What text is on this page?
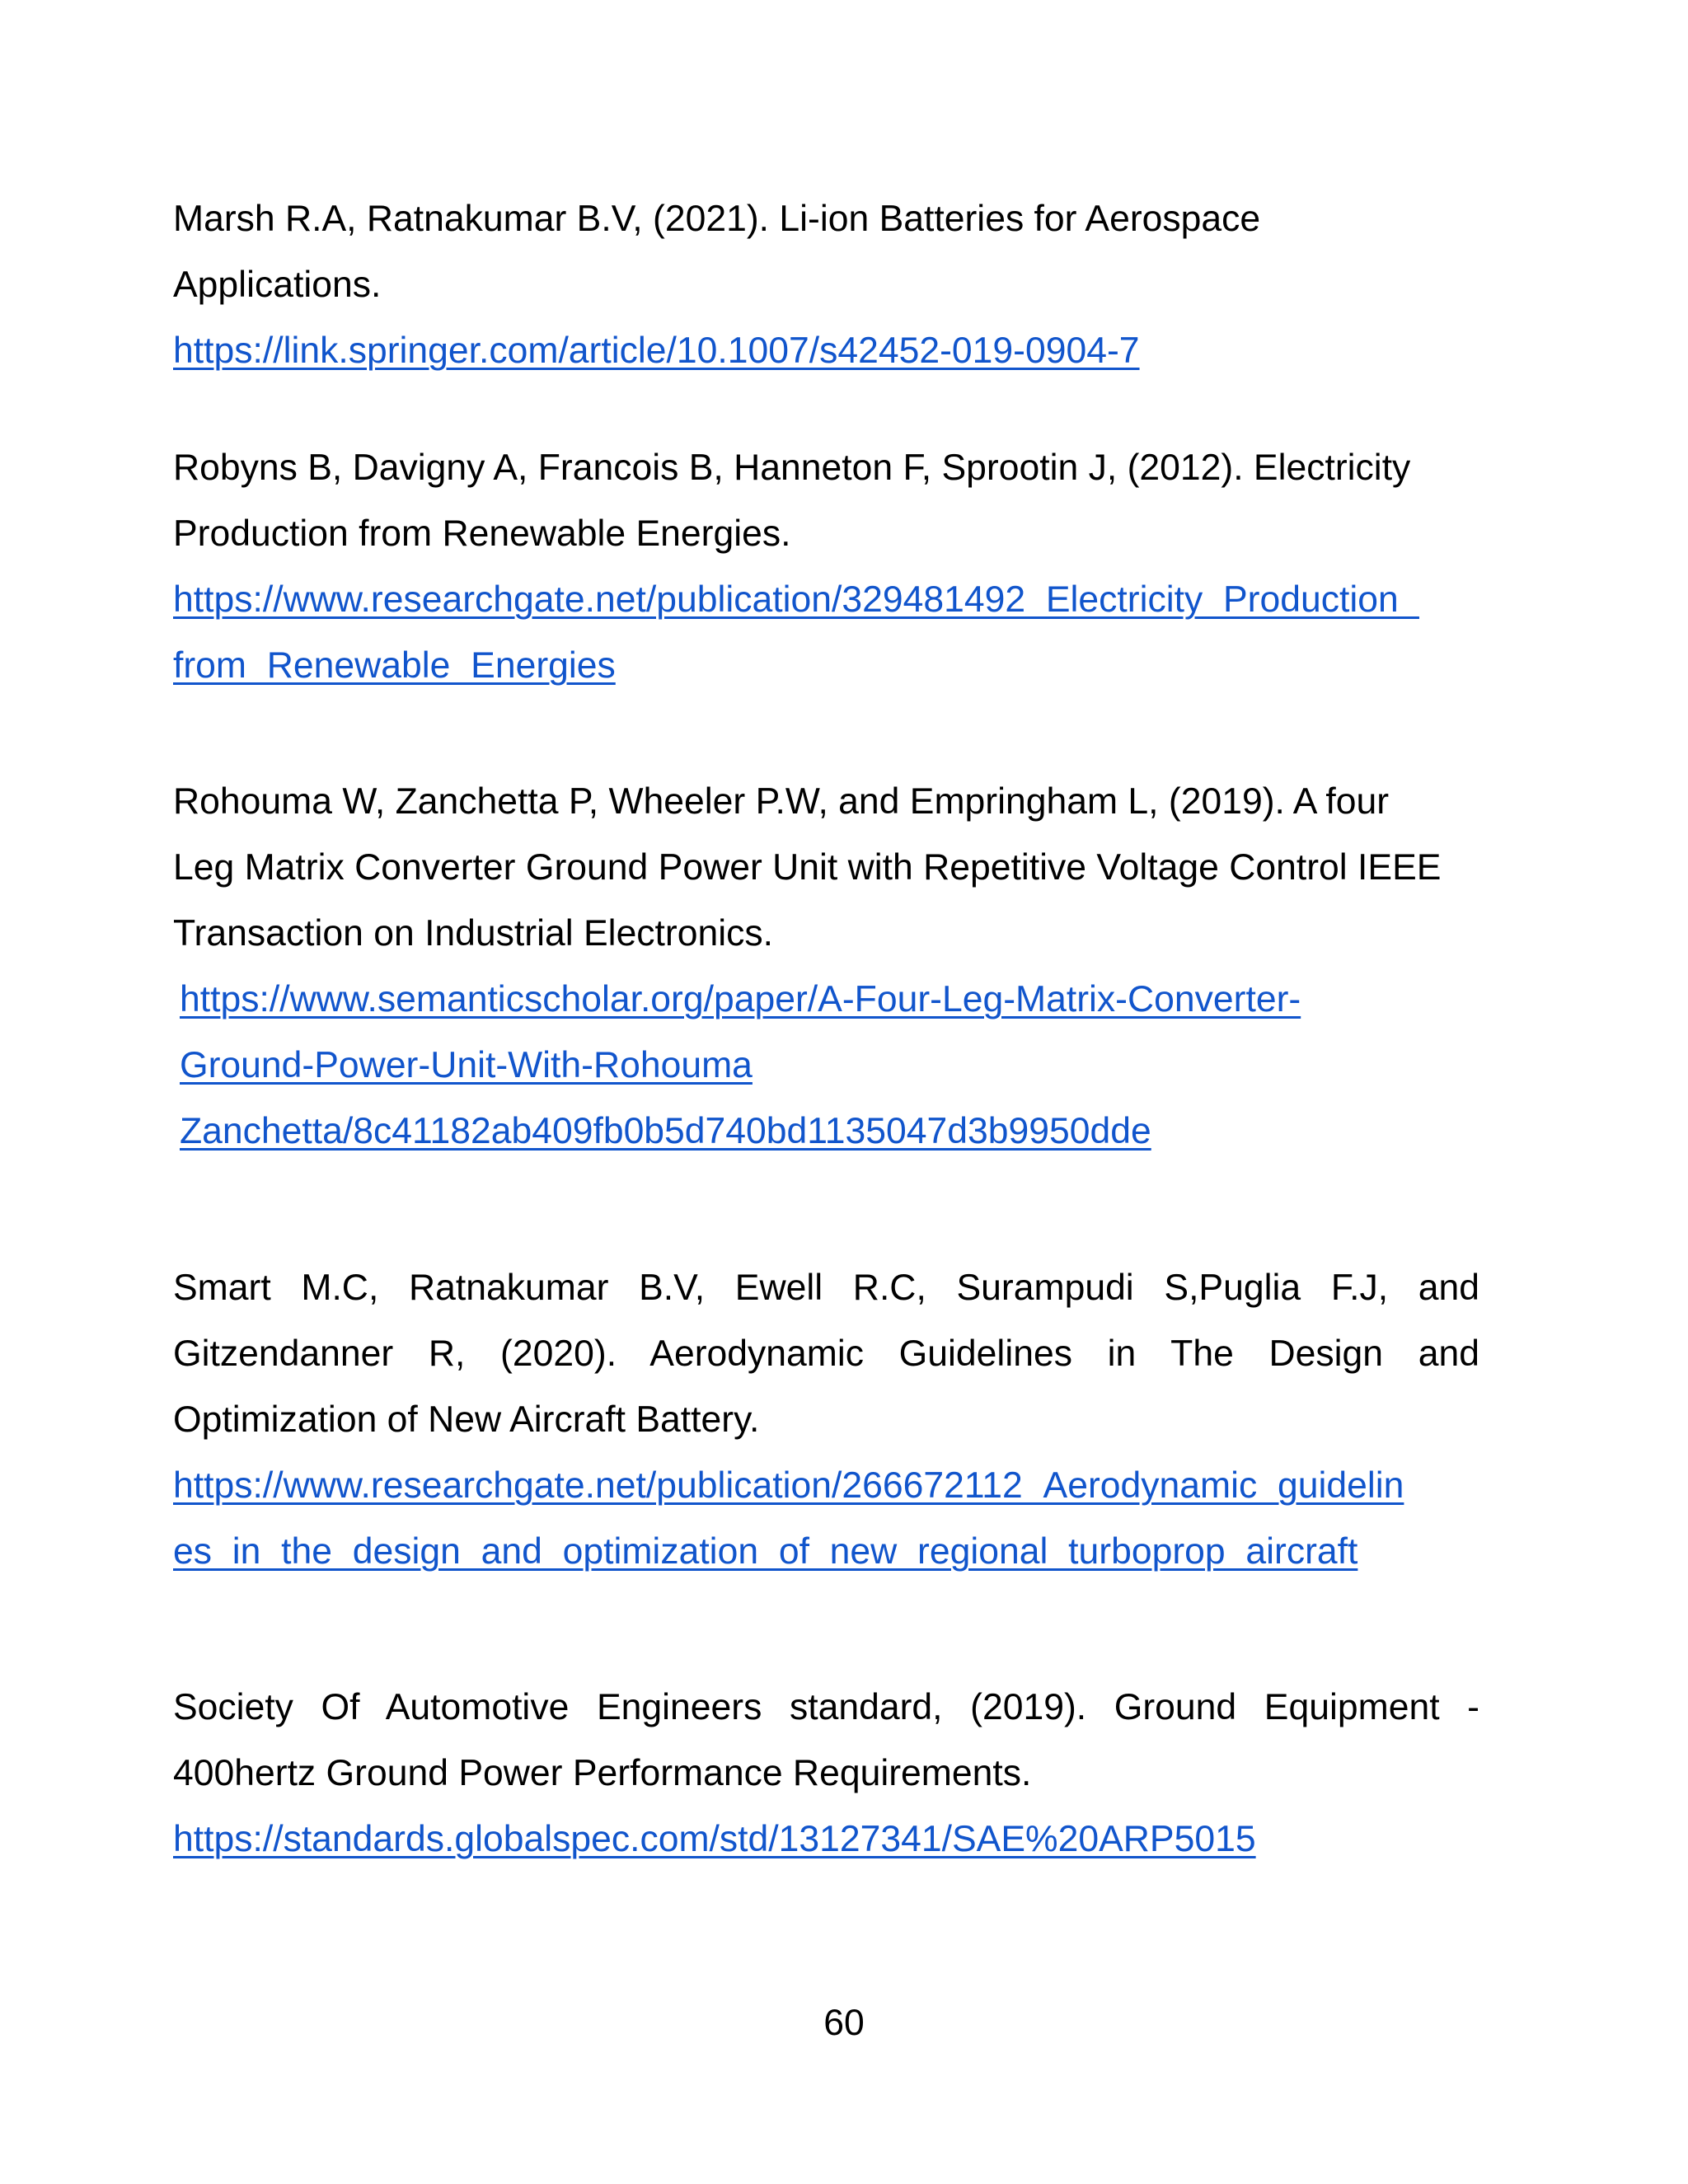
Marsh R.A, Ratnakumar B.V, (2021). Li-ion Batteries for Aerospace
Applications.
https://link.springer.com/article/10.1007/s42452-019-0904-7
Robyns B, Davigny A, Francois B, Hanneton F, Sprootin J, (2012). Electricity
Production from Renewable Energies.
https://www.researchgate.net/publication/329481492_Electricity_Production_
from_Renewable_Energies
Rohouma W, Zanchetta P, Wheeler P.W, and Empringham L, (2019). A four
Leg Matrix Converter Ground Power Unit with Repetitive Voltage Control IEEE
Transaction on Industrial Electronics.
https://www.semanticscholar.org/paper/A-Four-Leg-Matrix-Converter-
Ground-Power-Unit-With-Rohouma
Zanchetta/8c41182ab409fb0b5d740bd1135047d3b9950dde
Smart M.C, Ratnakumar B.V, Ewell R.C, Surampudi S,Puglia F.J, and
Gitzendanner R, (2020). Aerodynamic Guidelines in The Design and
Optimization of New Aircraft Battery.
https://www.researchgate.net/publication/266672112_Aerodynamic_guidelin
es_in_the_design_and_optimization_of_new_regional_turboprop_aircraft
Society Of Automotive Engineers standard, (2019). Ground Equipment -
400hertz Ground Power Performance Requirements.
https://standards.globalspec.com/std/13127341/SAE%20ARP5015
60
